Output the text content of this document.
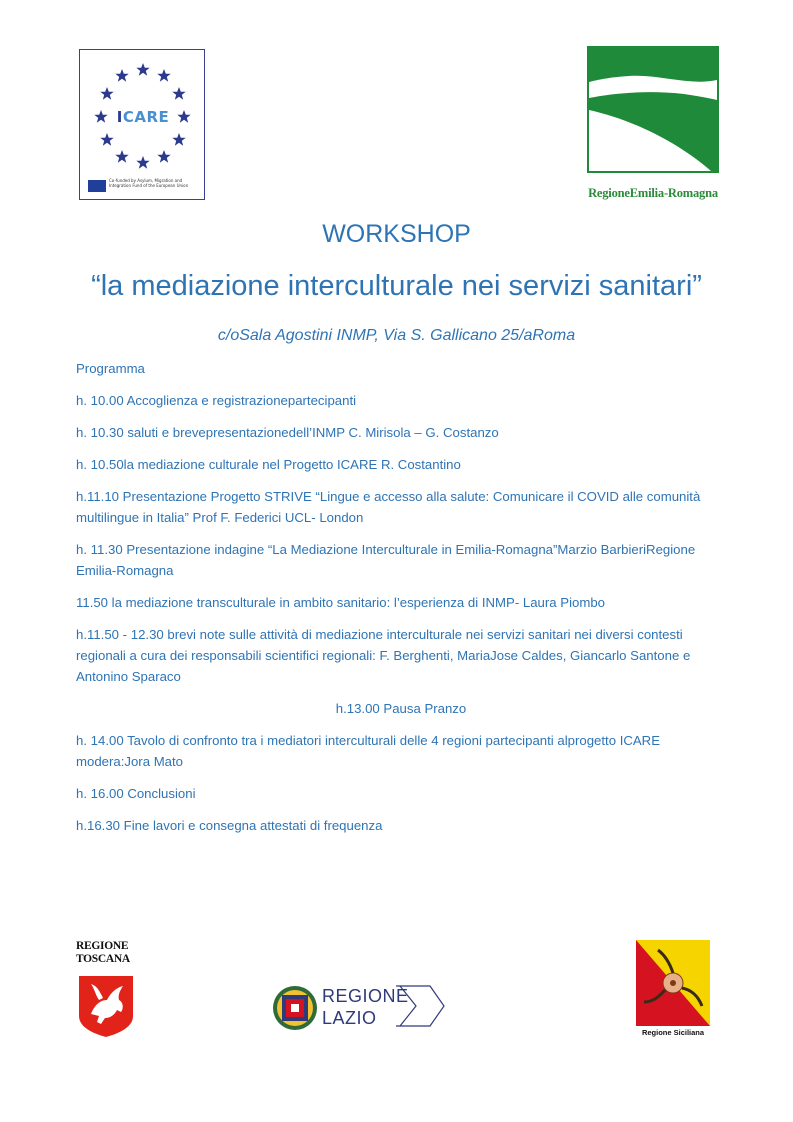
ICARE
Co-funded by Asylum, Migration and Integration Fund of the European Union
RegioneEmilia-Romagna
WORKSHOP
“la mediazione interculturale nei servizi sanitari”
c/oSala Agostini INMP, Via S. Gallicano 25/aRoma

Programma

h. 10.00 Accoglienza e registrazionepartecipanti

h. 10.30 saluti e brevepresentazionedell’INMP C. Mirisola – G. Costanzo

h. 10.50la mediazione culturale nel Progetto ICARE R. Costantino

h.11.10 Presentazione Progetto STRIVE “Lingue e accesso alla salute: Comunicare il COVID alle comunità multilingue in Italia” Prof F. Federici UCL- London

h. 11.30 Presentazione indagine “La Mediazione Interculturale in Emilia-Romagna”Marzio BarbieriRegione Emilia-Romagna

11.50 la mediazione transculturale in ambito sanitario: l’esperienza di INMP- Laura Piombo

h.11.50 - 12.30 brevi note sulle attività di mediazione interculturale nei servizi sanitari nei diversi contesti regionali a cura dei responsabili scientifici regionali: F. Berghenti, MariaJose Caldes, Giancarlo Santone e Antonino Sparaco

h.13.00 Pausa Pranzo

h. 14.00 Tavolo di confronto tra i mediatori interculturali delle 4 regioni partecipanti alprogetto ICARE modera:Jora Mato

h. 16.00 Conclusioni

h.16.30 Fine lavori e consegna attestati di frequenza

REGIONE
TOSCANA
REGIONE
LAZIO
Regione Siciliana
